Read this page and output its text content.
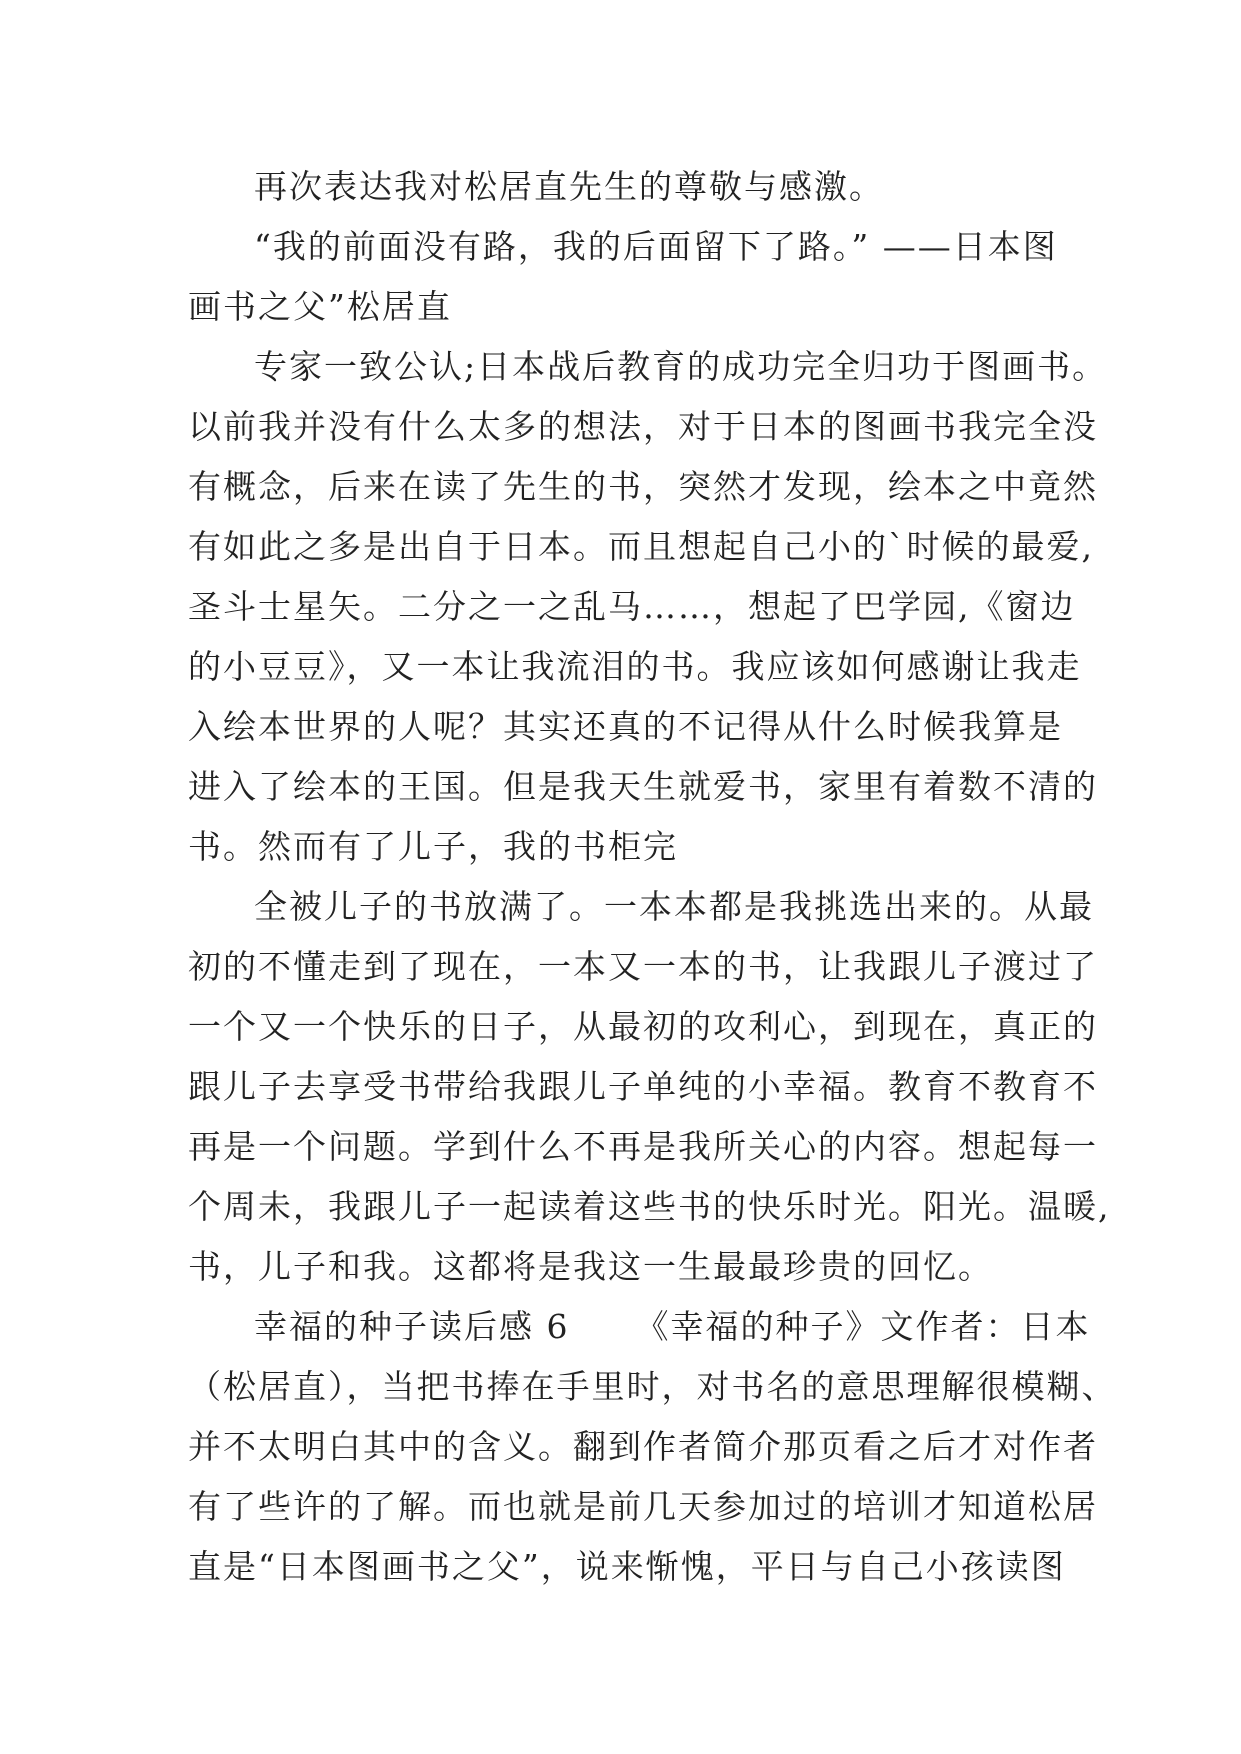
再次表达我对松居直先生的尊敬与感激。
“我的前面没有路，我的后面留下了路。” ——日本图
画书之父”松居直
专家一致公认;日本战后教育的成功完全归功于图画书。
以前我并没有什么太多的想法，对于日本的图画书我完全没
有概念，后来在读了先生的书，突然才发现，绘本之中竟然
有如此之多是出自于日本。而且想起自己小的`时候的最爱,
圣斗士星矢。二分之一之乱马……，想起了巴学园,《窗边
的小豆豆》，又一本让我流泪的书。我应该如何感谢让我走
入绘本世界的人呢？其实还真的不记得从什么时候我算是
进入了绘本的王国。但是我天生就爱书，家里有着数不清的
书。然而有了儿子，我的书柜完
全被儿子的书放满了。一本本都是我挑选出来的。从最
初的不懂走到了现在，一本又一本的书，让我跟儿子渡过了
一个又一个快乐的日子，从最初的攻利心，到现在，真正的
跟儿子去享受书带给我跟儿子单纯的小幸福。教育不教育不
再是一个问题。学到什么不再是我所关心的内容。想起每一
个周未，我跟儿子一起读着这些书的快乐时光。阳光。温暖,
书，儿子和我。这都将是我这一生最最珍贵的回忆。
幸福的种子读后感 6 　　《幸福的种子》文作者：日本
（松居直），当把书捧在手里时，对书名的意思理解很模糊、
并不太明白其中的含义。翻到作者简介那页看之后才对作者
有了些许的了解。而也就是前几天参加过的培训才知道松居
直是“日本图画书之父”，说来惭愧，平日与自己小孩读图
